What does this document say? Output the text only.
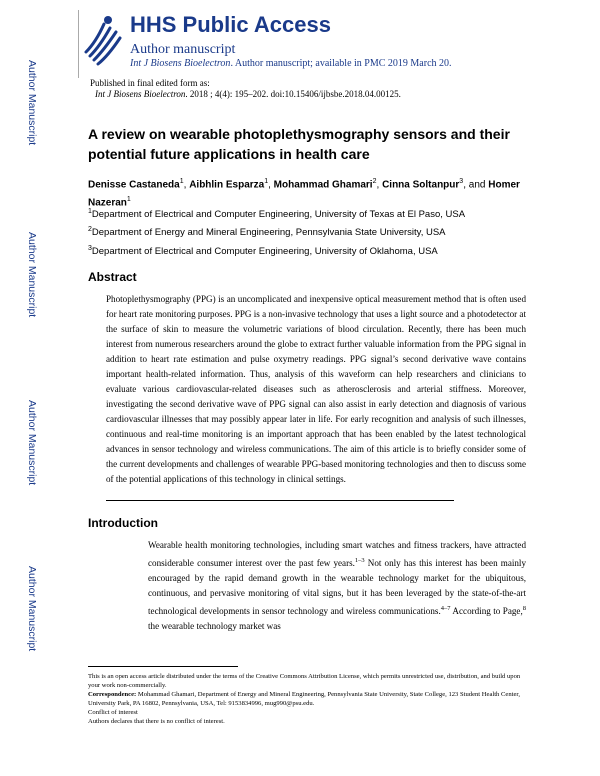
Author Manuscript
Author Manuscript
Author Manuscript
Author Manuscript
HHS Public Access
Author manuscript
Int J Biosens Bioelectron. Author manuscript; available in PMC 2019 March 20.
Published in final edited form as:
Int J Biosens Bioelectron. 2018 ; 4(4): 195–202. doi:10.15406/ijbsbe.2018.04.00125.
A review on wearable photoplethysmography sensors and their potential future applications in health care
Denisse Castaneda$^1$, Aibhlin Esparza$^1$, Mohammad Ghamari$^2$, Cinna Soltanpur$^3$, and Homer Nazeran$^1$
$^1$Department of Electrical and Computer Engineering, University of Texas at El Paso, USA
$^2$Department of Energy and Mineral Engineering, Pennsylvania State University, USA
$^3$Department of Electrical and Computer Engineering, University of Oklahoma, USA
Abstract
Photoplethysmography (PPG) is an uncomplicated and inexpensive optical measurement method that is often used for heart rate monitoring purposes. PPG is a non-invasive technology that uses a light source and a photodetector at the surface of skin to measure the volumetric variations of blood circulation. Recently, there has been much interest from numerous researchers around the globe to extract further valuable information from the PPG signal in addition to heart rate estimation and pulse oxymetry readings. PPG signal’s second derivative wave contains important health-related information. Thus, analysis of this waveform can help researchers and clinicians to evaluate various cardiovascular-related diseases such as atherosclerosis and arterial stiffness. Moreover, investigating the second derivative wave of PPG signal can also assist in early detection and diagnosis of various cardiovascular illnesses that may possibly appear later in life. For early recognition and analysis of such illnesses, continuous and real-time monitoring is an important approach that has been enabled by the latest technological advances in sensor technology and wireless communications. The aim of this article is to briefly consider some of the current developments and challenges of wearable PPG-based monitoring technologies and then to discuss some of the potential applications of this technology in clinical settings.
Introduction
Wearable health monitoring technologies, including smart watches and fitness trackers, have attracted considerable consumer interest over the past few years.$^{1-3}$ Not only has this interest has been mainly encouraged by the rapid demand growth in the wearable technology market for the ubiquitous, continuous, and pervasive monitoring of vital signs, but it has been leveraged by the state-of-the-art technological developments in sensor technology and wireless communications.$^{4-7}$ According to Page,$^8$ the wearable technology market was
This is an open access article distributed under the terms of the Creative Commons Attribution License, which permits unrestricted use, distribution, and build upon your work non-commercially.
Correspondence: Mohammad Ghamari, Department of Energy and Mineral Engineering, Pennsylvania State University, State College, 123 Student Health Center, University Park, PA 16802, Pennsylvania, USA, Tel: 9153834996, mug990@psu.edu.
Conflict of interest
Authors declares that there is no conflict of interest.
